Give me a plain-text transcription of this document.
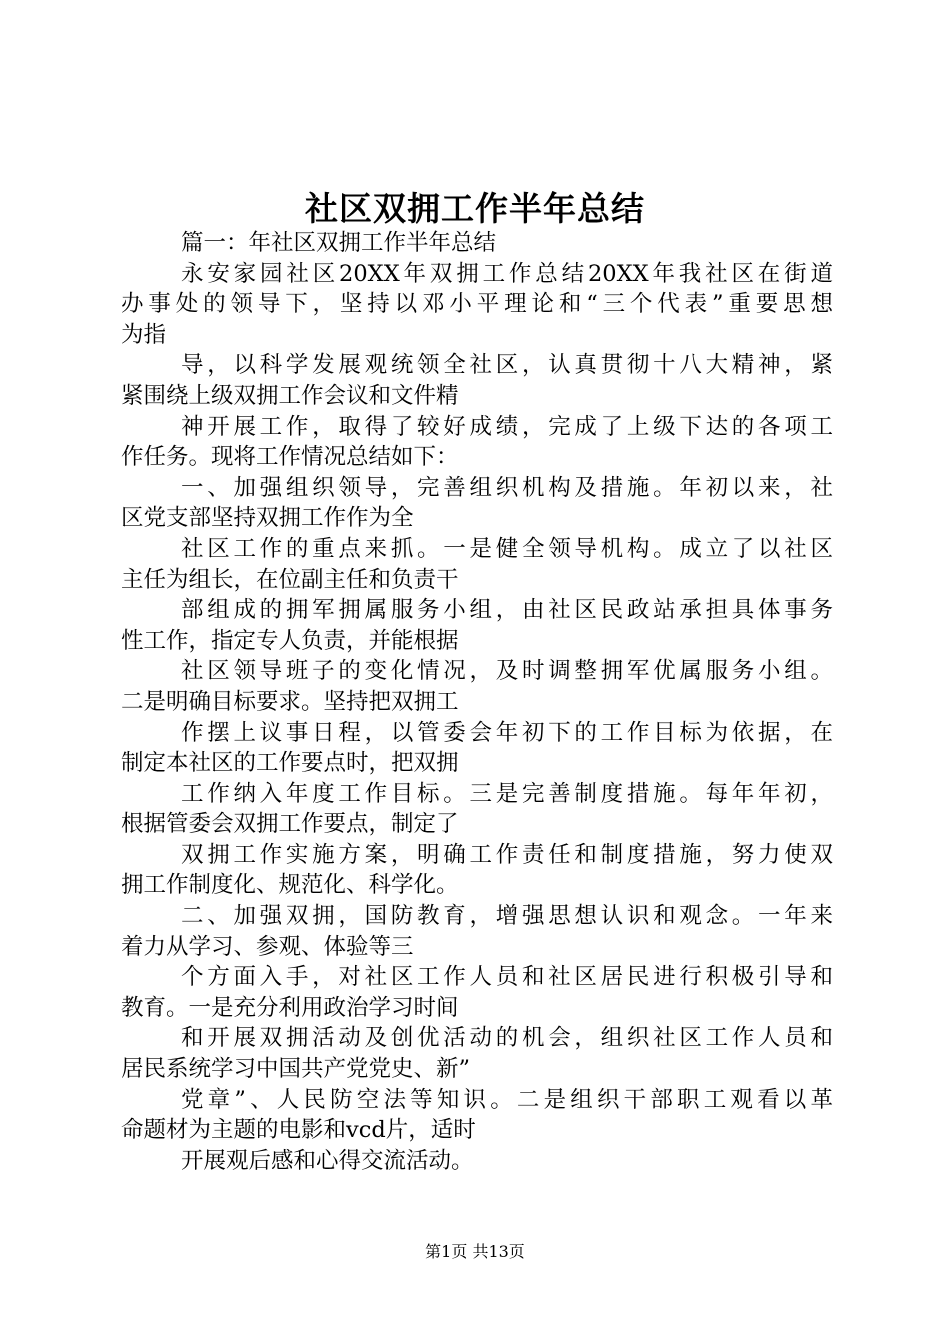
社区双拥工作半年总结
篇一：年社区双拥工作半年总结
永安家园社区20XX年双拥工作总结20XX年我社区在街道
办事处的领导下，坚持以邓小平理论和“三个代表”重要思想
为指
导，以科学发展观统领全社区，认真贯彻十八大精神，紧
紧围绕上级双拥工作会议和文件精
神开展工作，取得了较好成绩，完成了上级下达的各项工
作任务。现将工作情况总结如下：
一、加强组织领导，完善组织机构及措施。年初以来，社
区党支部坚持双拥工作作为全
社区工作的重点来抓。一是健全领导机构。成立了以社区
主任为组长，在位副主任和负责干
部组成的拥军拥属服务小组，由社区民政站承担具体事务
性工作，指定专人负责，并能根据
社区领导班子的变化情况，及时调整拥军优属服务小组。
二是明确目标要求。坚持把双拥工
作摆上议事日程，以管委会年初下的工作目标为依据，在
制定本社区的工作要点时，把双拥
工作纳入年度工作目标。三是完善制度措施。每年年初，
根据管委会双拥工作要点，制定了
双拥工作实施方案，明确工作责任和制度措施，努力使双
拥工作制度化、规范化、科学化。
二、加强双拥，国防教育，增强思想认识和观念。一年来
着力从学习、参观、体验等三
个方面入手，对社区工作人员和社区居民进行积极引导和
教育。一是充分利用政治学习时间
和开展双拥活动及创优活动的机会，组织社区工作人员和
居民系统学习中国共产党党史、新”
党章”、人民防空法等知识。二是组织干部职工观看以革
命题材为主题的电影和vcd片，适时
开展观后感和心得交流活动。
第1页 共13页
